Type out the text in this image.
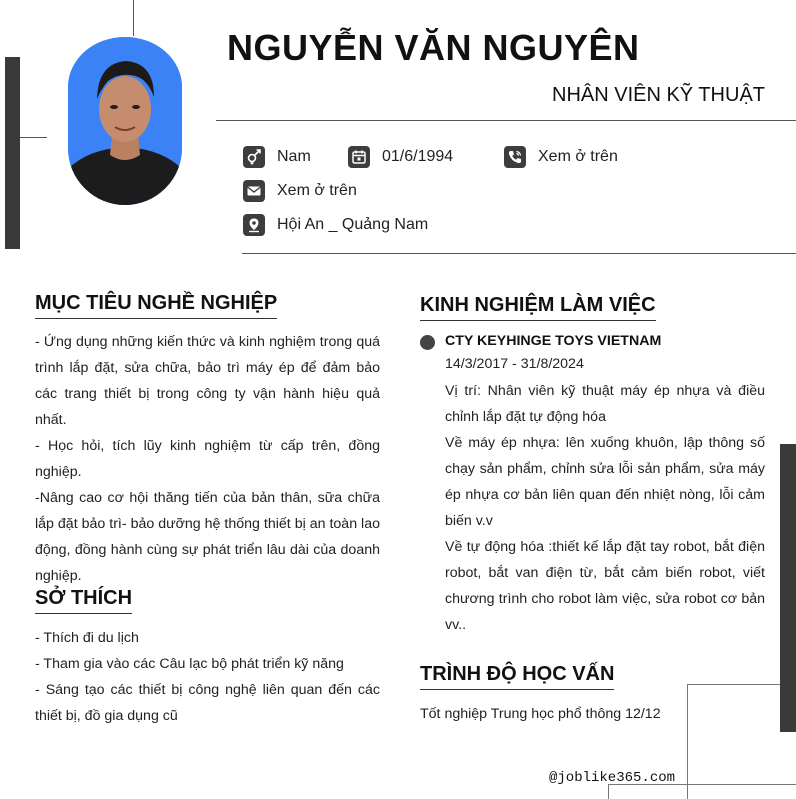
NGUYỄN VĂN NGUYÊN
NHÂN VIÊN KỸ THUẬT
Nam	01/6/1994	Xem ở trên
Xem ở trên
Hội An _ Quảng Nam
MỤC TIÊU NGHỀ NGHIỆP

- Ứng dụng những kiến thức và kinh nghiệm trong quá trình lắp đặt, sửa chữa, bảo trì máy ép để đảm bảo các trang thiết bị trong công ty vận hành hiệu quả nhất.

- Học hỏi, tích lũy kinh nghiệm từ cấp trên, đồng nghiệp.

-Nâng cao cơ hội thăng tiến của bản thân, sữa chữa lắp đặt bảo trì- bảo dưỡng hệ thống thiết bị an toàn lao động, đồng hành cùng sự phát triển lâu dài của doanh nghiệp.

SỞ THÍCH

- Thích đi du lịch

- Tham gia vào các Câu lạc bộ phát triển kỹ năng

- Sáng tạo các thiết bị công nghệ liên quan đến các thiết bị, đồ gia dụng cũ

KINH NGHIỆM LÀM VIỆC
CTY KEYHINGE TOYS VIETNAM
14/3/2017 - 31/8/2024

Vị trí: Nhân viên kỹ thuật máy ép nhựa và điều chỉnh lắp đặt tự động hóa

Về máy ép nhựa: lên xuống khuôn, lập thông số chạy sản phẩm, chỉnh sửa lỗi sản phẩm, sửa máy ép nhựa cơ bản liên quan đến nhiệt nòng, lỗi cảm biến v.v

Về tự động hóa :thiết kế lắp đặt tay robot, bắt điện robot, bắt van điện từ, bắt cảm biến robot, viết chương trình cho robot làm việc, sửa robot cơ bản vv..

TRÌNH ĐỘ HỌC VẤN
Tốt nghiệp Trung học phổ thông 12/12
@joblike365.com
